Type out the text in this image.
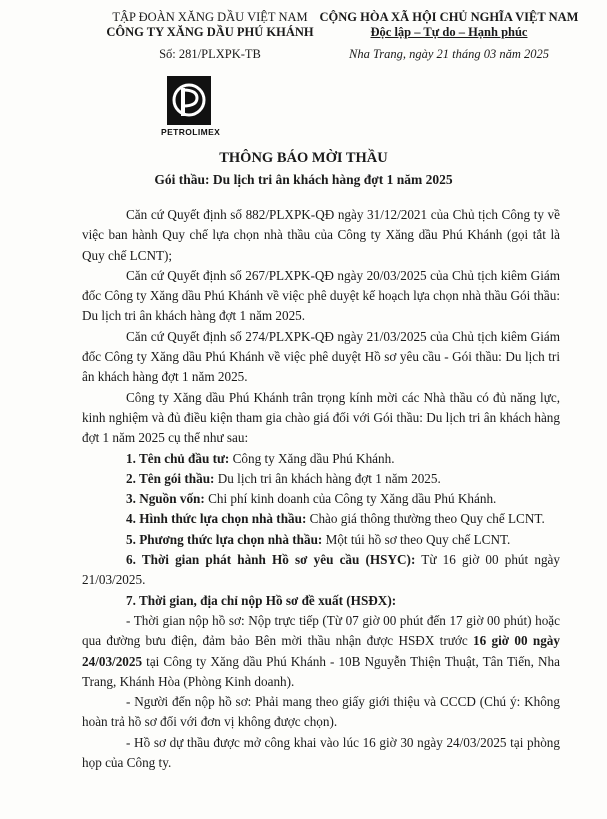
TẬP ĐOÀN XĂNG DẦU VIỆT NAM
CÔNG TY XĂNG DẦU PHÚ KHÁNH
Số: 281/PLXPK-TB
CỘNG HÒA XÃ HỘI CHỦ NGHĨA VIỆT NAM
Độc lập – Tự do – Hạnh phúc
Nha Trang, ngày 21 tháng 03 năm 2025
PETROLIMEX
THÔNG BÁO MỜI THẦU
Gói thầu: Du lịch tri ân khách hàng đợt 1 năm 2025

Căn cứ Quyết định số 882/PLXPK-QĐ ngày 31/12/2021 của Chủ tịch Công ty về việc ban hành Quy chế lựa chọn nhà thầu của Công ty Xăng dầu Phú Khánh (gọi tắt là Quy chế LCNT);

Căn cứ Quyết định số 267/PLXPK-QĐ ngày 20/03/2025 của Chủ tịch kiêm Giám đốc Công ty Xăng dầu Phú Khánh về việc phê duyệt kế hoạch lựa chọn nhà thầu Gói thầu: Du lịch tri ân khách hàng đợt 1 năm 2025.

Căn cứ Quyết định số 274/PLXPK-QĐ ngày 21/03/2025 của Chủ tịch kiêm Giám đốc Công ty Xăng dầu Phú Khánh về việc phê duyệt Hồ sơ yêu cầu - Gói thầu: Du lịch tri ân khách hàng đợt 1 năm 2025.

Công ty Xăng dầu Phú Khánh trân trọng kính mời các Nhà thầu có đủ năng lực, kinh nghiệm và đủ điều kiện tham gia chào giá đối với Gói thầu: Du lịch tri ân khách hàng đợt 1 năm 2025 cụ thể như sau:

1. Tên chủ đầu tư: Công ty Xăng dầu Phú Khánh.

2. Tên gói thầu: Du lịch tri ân khách hàng đợt 1 năm 2025.

3. Nguồn vốn: Chi phí kinh doanh của Công ty Xăng dầu Phú Khánh.

4. Hình thức lựa chọn nhà thầu: Chào giá thông thường theo Quy chế LCNT.

5. Phương thức lựa chọn nhà thầu: Một túi hồ sơ theo Quy chế LCNT.

6. Thời gian phát hành Hồ sơ yêu cầu (HSYC): Từ 16 giờ 00 phút ngày 21/03/2025.

7. Thời gian, địa chỉ nộp Hồ sơ đề xuất (HSĐX):

- Thời gian nộp hồ sơ: Nộp trực tiếp (Từ 07 giờ 00 phút đến 17 giờ 00 phút) hoặc qua đường bưu điện, đảm bảo Bên mời thầu nhận được HSĐX trước 16 giờ 00 ngày 24/03/2025 tại Công ty Xăng dầu Phú Khánh - 10B Nguyễn Thiện Thuật, Tân Tiến, Nha Trang, Khánh Hòa (Phòng Kinh doanh).

- Người đến nộp hồ sơ: Phải mang theo giấy giới thiệu và CCCD (Chú ý: Không hoàn trả hồ sơ đối với đơn vị không được chọn).

- Hồ sơ dự thầu được mở công khai vào lúc 16 giờ 30 ngày 24/03/2025 tại phòng họp của Công ty.
